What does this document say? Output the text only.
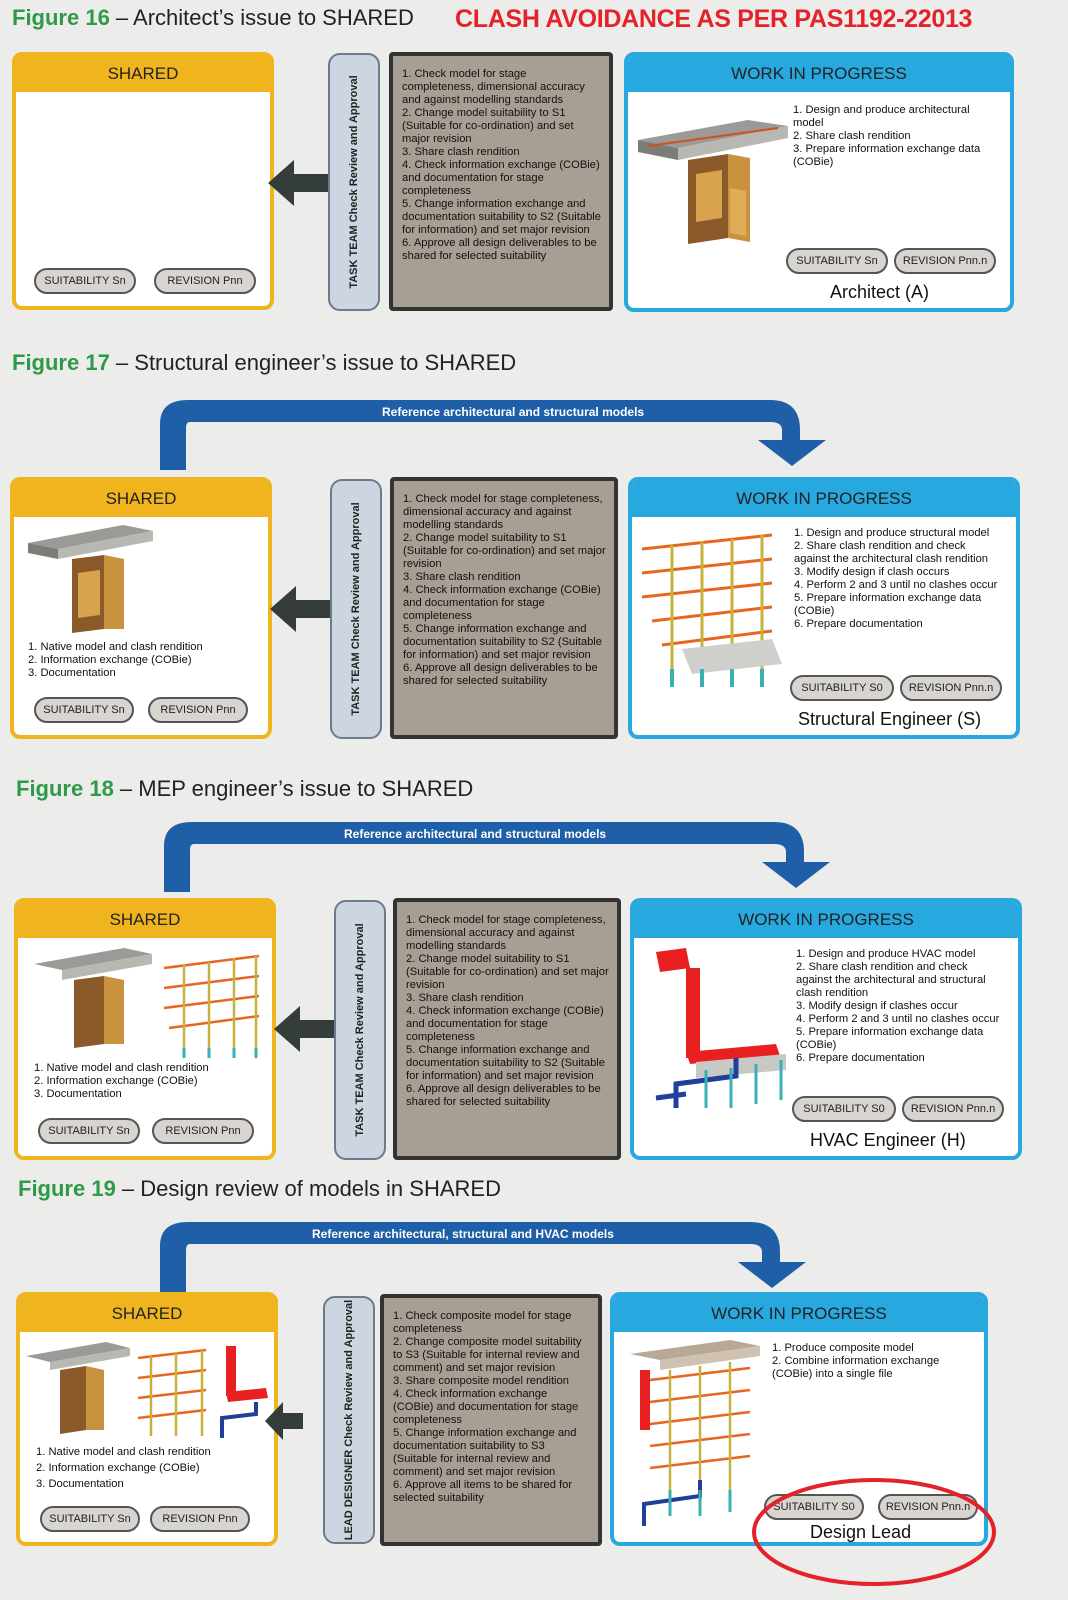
Figure 16 – Architect’s issue to SHARED CLASH AVOIDANCE AS PER PAS1192-22013
SHARED
SUITABILITY Sn	REVISION Pnn	TASK TEAM Check Review and Approval
1. Check model for stage completeness, dimensional accuracy and against modelling standards
2. Change model suitability to S1 (Suitable for co-ordination) and set major revision
3. Share clash rendition
4. Check information exchange (COBie) and documentation for stage completeness
5. Change information exchange and documentation suitability to S2 (Suitable for information) and set major revision
6. Approve all design deliverables to be shared for selected suitability
WORK IN PROGRESS
1. Design and produce architectural model
2. Share clash rendition
3. Prepare information exchange data (COBie)
SUITABILITY Sn	REVISION Pnn.n
Architect (A)
Figure 17 – Structural engineer’s issue to SHARED
Reference architectural and structural models
SHARED
1. Native model and clash rendition
2. Information exchange (COBie)
3. Documentation
SUITABILITY Sn	REVISION Pnn	TASK TEAM Check Review and Approval
1. Check model for stage completeness, dimensional accuracy and against modelling standards
2. Change model suitability to S1 (Suitable for co-ordination) and set major revision
3. Share clash rendition
4. Check information exchange (COBie) and documentation for stage completeness
5. Change information exchange and documentation suitability to S2 (Suitable for information) and set major revision
6. Approve all design deliverables to be shared for selected suitability
WORK IN PROGRESS
1. Design and produce structural model
2. Share clash rendition and check against the architectural clash rendition
3. Modify design if clash occurs
4. Perform 2 and 3 until no clashes occur
5. Prepare information exchange data (COBie)
6. Prepare documentation
SUITABILITY S0	REVISION Pnn.n
Structural Engineer (S)
Figure 18 – MEP engineer’s issue to SHARED
Reference architectural and structural models
SHARED
1. Native model and clash rendition
2. Information exchange (COBie)
3. Documentation
SUITABILITY Sn	REVISION Pnn	TASK TEAM Check Review and Approval
1. Check model for stage completeness, dimensional accuracy and against modelling standards
2. Change model suitability to S1 (Suitable for co-ordination) and set major revision
3. Share clash rendition
4. Check information exchange (COBie) and documentation for stage completeness
5. Change information exchange and documentation suitability to S2 (Suitable for information) and set major revision
6. Approve all design deliverables to be shared for selected suitability
WORK IN PROGRESS
1. Design and produce HVAC model
2. Share clash rendition and check against the architectural and structural clash rendition
3. Modify design if clashes occur
4. Perform 2 and 3 until no clashes occur
5. Prepare information exchange data (COBie)
6. Prepare documentation
SUITABILITY S0	REVISION Pnn.n
HVAC Engineer (H)
Figure 19 – Design review of models in SHARED
Reference architectural, structural and HVAC models
SHARED
1. Native model and clash rendition
2. Information exchange (COBie)
3. Documentation
SUITABILITY Sn	REVISION Pnn	LEAD DESIGNER Check Review and Approval	1. Check composite model for stage completeness
2. Change composite model suitability to S3 (Suitable for internal review and comment) and set major revision
3. Share composite model rendition
4. Check information exchange (COBie) and documentation for stage completeness
5. Change information exchange and documentation suitability to S3 (Suitable for internal review and comment) and set major revision
6. Approve all items to be shared for selected suitability
WORK IN PROGRESS
1. Produce composite model
2. Combine information exchange (COBie) into a single file
SUITABILITY S0	REVISION Pnn.n
Design Lead
